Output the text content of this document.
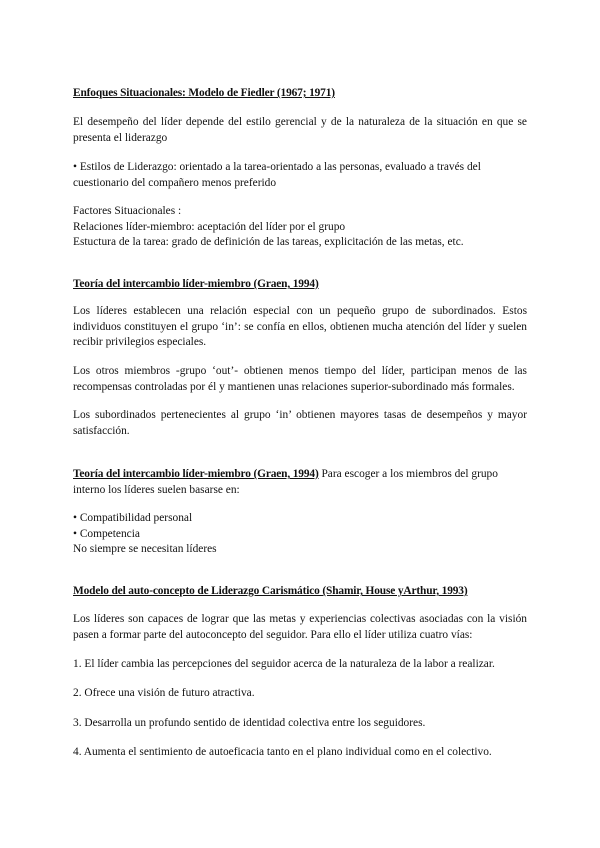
Enfoques Situacionales: Modelo de Fiedler (1967; 1971)

El desempeño del líder depende del estilo gerencial y de la naturaleza de la situación en que se presenta el liderazgo

• Estilos de Liderazgo: orientado a la tarea-orientado a las personas, evaluado a través del cuestionario del compañero menos preferido

Factores Situacionales :
Relaciones líder-miembro: aceptación del líder por el grupo
Estuctura de la tarea: grado de definición de las tareas, explicitación de las metas, etc.
Teoría del intercambio líder-miembro (Graen, 1994)

Los líderes establecen una relación especial con un pequeño grupo de subordinados. Estos individuos constituyen el grupo ‘in’: se confía en ellos, obtienen mucha atención del líder y suelen recibir privilegios especiales.

Los otros miembros -grupo ‘out’- obtienen menos tiempo del líder, participan menos de las recompensas controladas por él y mantienen unas relaciones superior-subordinado más formales.

Los subordinados pertenecientes al grupo ‘in’ obtienen mayores tasas de desempeños y mayor satisfacción.

Teoría del intercambio líder-miembro (Graen, 1994) Para escoger a los miembros del grupo interno los líderes suelen basarse en:

• Compatibilidad personal
• Competencia
No siempre se necesitan líderes
Modelo del auto-concepto de Liderazgo Carismático (Shamir, House yArthur, 1993)

Los líderes son capaces de lograr que las metas y experiencias colectivas asociadas con la visión pasen a formar parte del autoconcepto del seguidor. Para ello el líder utiliza cuatro vías:

1. El líder cambia las percepciones del seguidor acerca de la naturaleza de la labor a realizar.

2. Ofrece una visión de futuro atractiva.

3. Desarrolla un profundo sentido de identidad colectiva entre los seguidores.

4. Aumenta el sentimiento de autoeficacia tanto en el plano individual como en el colectivo.
